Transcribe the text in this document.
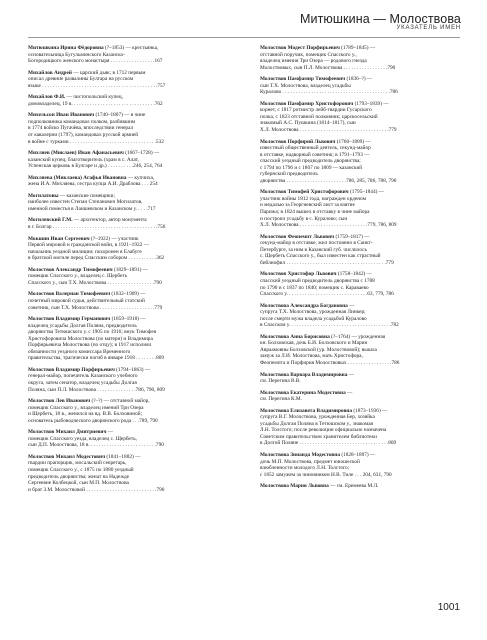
Митюшкина — Молоствова
УКАЗАТЕЛЬ ИМЕН
Митюшкина Ирина Фёдоровна (?–1853) — крестьянка,
основательница Бугульминского Казанско-
Богородицкого женского монастыря . . . . . . . . . . . . . . . . .167
Михайлов Андрей — царский дьяк; в 1712 первым
описал древние развалины Булгара на русском
языке . . . . . . . . . . . . . . . . . . . . . . . . . . . . . . . . . . . . . . . . . . . .757
Михайлов Ф.И. — чистопольский купец,
домовладелец, 19 в. . . . . . . . . . . . . . . . . . . . . . . . . . . . . . . .762
Михельсон Иван Иванович (1740–1807) — в чине
подполковника командовал полком, разбившим
в 1774 войско Пугачёва, впоследствии генерал
от кавалерии (1797), командовал русской армией
в войне с турками . . . . . . . . . . . . . . . . . . . . . . . . . . . . . . . . .532
Михляев (Миклаев) Иван Афанасьевич (1667–1728) —
казанский купец, благотворитель (храм в с. Алат,
Успенская церковь в Булгаре и др.) . . . . . . . . . .246, 254, 764
Михляева (Миклаева) Агафья Ивановна — купчиха,
жена И.А. Михляева, сестра купца А.И. Драблова . . . 254
Могилатовы — казанские помещики;
наиболее известен Степан Степанович Могилатов,
именной поместья в Лаишевском и Казанском у. . . . .717
Могилевский Г.М. — архитектор, автор монумента
в г. Болгар . . . . . . . . . . . . . . . . . . . . . . . . . . . . . . . . . . . . . . . .756
Мокшин Иван Сергеевич (?–1922) — участник
Первой мировой и гражданской войн, в 1921–1922 —
начальник уездной милиции; похоронен в Елабуге
в братской могиле перед Спасским собором . . . . . . . . . . .362
Молоствов Александр Тимофеевич (1829–1891) —
помещик Спасского у., владелец с. Щербеть
Спасского у., сын Т.Х. Молоствова . . . . . . . . . . . . . . . . . .790
Молоствов Валериан Тимофеевич (1832–1909) —
почетный мировой судья, действительный статский
советник, сын Т.Х. Молоствова . . . . . . . . . . . . . . . . . . . . .779
Молоствов Владимир Германович (1859–1918) —
владелец усадьбы Долгая Поляна, предводитель
дворянства Тетюшского у. с 1905 по 1916; внук Тимофея
Христофоровича Молоствова (по матери) и Владимира
Порфирьевича Молоствова (по отцу); в 1917 исполнял
обязанности уездного комиссара Временного
правительства, трагически погиб в январе 1918 . . . . . . . .809
Молоствов Владимир Порфирьевич (1794–1863) —
генерал-майор, попечитель Казанского учебного
округа, затем сенатор, владелец усадьбы Долгая
Поляна, сын П.Л. Молоствова . . . . . . . . . . . . . . .786, 790, 809
Молоствов Лев Иванович (?–?) — отставной майор,
помещик Спасского у., владелец имений Три Озера
и Щербеть, 18 в., женился на вд. В.В. Болховиной;
основатель рыбоводческого дворянского рода . . .789, 790
Молоствов Михаил Дмитриевич —
помещик Спасского уезда, владелец с. Щербеть,
сын Д.П. Молоствова, 18 в. . . . . . . . . . . . . . . . . . . . . . . . . .790
Молоствов Михаил Модестович (1841–1882) —
гвардии прапорщик, мосальский секретарь,
помещик Спасского у., с 1875 по 1880 уездный
предводитель дворянства; женат на Надежде
Сергеевне Колбецкой, сын М.П. Молоствова
и брат З.М. Молоствовой . . . . . . . . . . . . . . . . . . . . . . . . . . .790
Молоствов Модест Порфирьевич (1789–1845) —
отставной поручик, помещик Спасского у.,
владелец имения Три Озера — родового гнезда
Молоствовых, сын П.Л. Молоствова . . . . . . . . . . . . . . . . .790
Молоствов Памфамир Тимофеевич (1836–?) —
сын Т.Х. Молоствова, владелец усадьбы
Куралово . . . . . . . . . . . . . . . . . . . . . . . . . . . . . . . . . . . . . . . . .786
Молоствов Памфамир Христофорович (1793–1839) —
корнет, с 1817 ротмистр лейб-гвардии Гусарского
полка, с 1823 отставной полковник; царскосельский
знакомый А.С. Пушкина (1814–1817), сын
Х.Л. Молоствова . . . . . . . . . . . . . . . . . . . . . . . . . . . . . . . . . .779
Молоствов Порфирий Львович (1760–1809) —
известный общественный деятель, секунд-майор
в отставке, надворный советник; в 1791–1793 —
спасский уездный предводитель дворянства;
с 1794 по 1796 и с 1807 по 1809 — казанский
губернский предводитель
дворянства . . . . . . . . . . . . . . . . . . . . . . .786, 285, 786, 788, 790
Молоствов Тимофей Христофорович (1795–1844) —
участник войны 1812 года, награжден орденом
и медалью за Георгиевский лист за взятие
Парижа; в 1824 вышел в отставку в чине майора
и построил усадьбу в с. Куралово; сын
Х.Л. Молоствова . . . . . . . . . . . . . . . . . . . . . . . . . .779, 786, 809
Молоствов Феопемпт Львович (1759–1817) —
секунд-майор в отставке, жил постоянно в Санкт-
Петербурге, за ним в Казанский губ. числилось
с. Щербеть Спасского у., был известен как страстный
библиофил . . . . . . . . . . . . . . . . . . . . . . . . . . . . . . . . . . . . . .779
Молоствов Христофор Львович (1758–1842) —
спасский уездный предводитель дворянства с 1788
по 1790 и с 1837 по 1840; помещик с. Караваево
Спасского у. . . . . . . . . . . . . . . . . . . . . . . . . . . . . . .63, 779, 786
Молоствова Александра Богдановна —
супруга Т.Х. Молоствова, урожденная Линкер;
после смерти мужа владела усадьбой Куралово
в Спасском у. . . . . . . . . . . . . . . . . . . . . . . . . . . . . . . . . . . . . . .782
Молоствова Анна Борисовна (?–1764) — урожденная
кн. Болховская, дочь Б.И. Болховского и Марии
Авраамовны Болховской (ур. Молоствовой); вышла
замуж за Л.И. Молоствова, мать Христофора,
Феопемпта и Порфирия Молоствовых . . . . . . . . . . . . . . . . .786
Молоствова Варвара Владимировна —
см. Перегина В.В.
Молоствова Екатерина Модестовна —
см. Перегина К.М.
Молоствова Елизавета Владимировна (1873–1936) —
супруга В.Г. Молоствова, урожденная Бер, хозяйка
усадьбы Долгая Поляна в Тетюшском у., знакомая
Л.Н. Толстого; после революции официально назначена
Советским правительством хранителем библиотеки
в Долгой Поляне . . . . . . . . . . . . . . . . . . . . . . . . . . . . . . . . . .809
Молоствова Зинаида Модестовна (1828–1897) —
дочь М.П. Молоствова, предмет юношеской
влюбленности молодого Л.Н. Толстого;
с 1852 замужем за чиновником Н.В. Тиле . . . 204, 631, 790
Молоствова Мария Львовна — см. Еремеева М.Л.
1001
